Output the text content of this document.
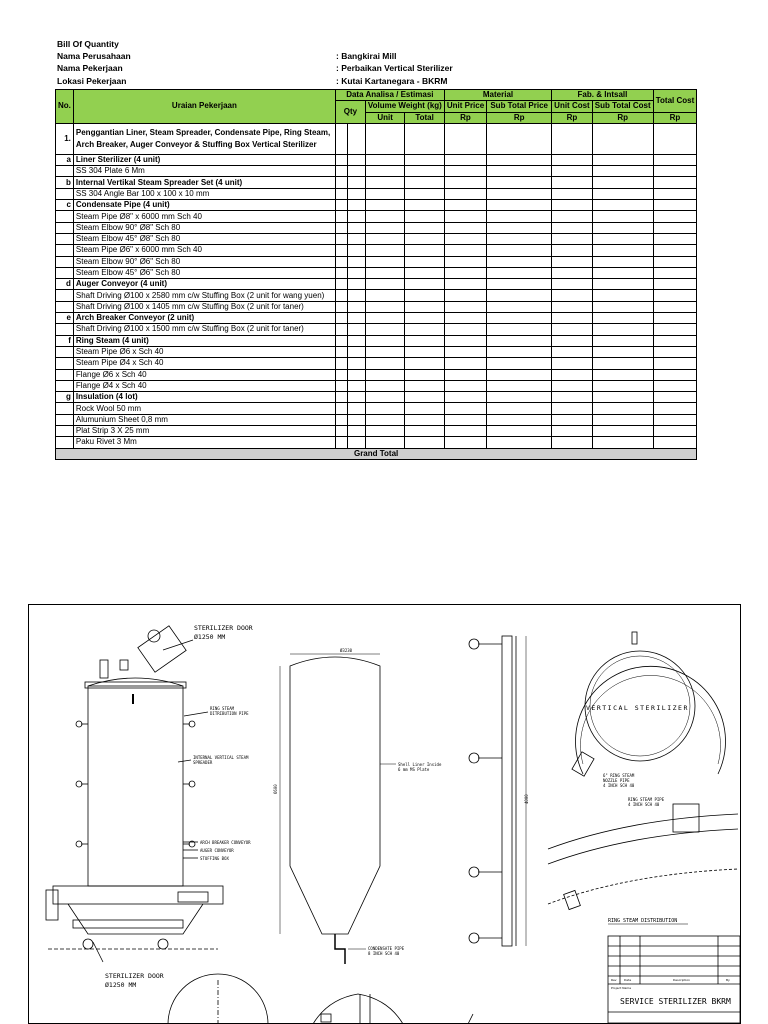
Bill Of Quantity
Nama Perusahaan	: Bangkirai Mill
Nama Pekerjaan	: Perbaikan Vertical Sterilizer
Lokasi Pekerjaan	: Kutai Kartanegara - BKRM
No.	Uraian Pekerjaan	Data Analisa / Estimasi				Material		Fab. & Intsall		Total Cost
		Qty		Volume Weight (kg)		Unit Price	Sub Total Price	Unit Cost	Sub Total Cost	
				Unit	Total	Rp	Rp	Rp	Rp	Rp
1.	Penggantian Liner, Steam Spreader, Condensate Pipe, Ring Steam, Arch Breaker, Auger Conveyor & Stuffing Box Vertical Sterilizer									
a	Liner Sterilizer (4 unit)									
	SS 304 Plate 6 Mm									
b	Internal Vertikal Steam Spreader Set (4 unit)									
	SS 304 Angle Bar 100 x 100 x 10 mm									
c	Condensate Pipe (4 unit)									
	Steam Pipe Ø8" x 6000 mm Sch 40									
	Steam Elbow 90° Ø8" Sch 80									
	Steam Elbow 45° Ø8" Sch 80									
	Steam Pipe Ø6" x 6000 mm Sch 40									
	Steam Elbow 90° Ø6" Sch 80									
	Steam Elbow 45° Ø6" Sch 80									
d	Auger Conveyor (4 unit)									
	Shaft Driving Ø100 x 2580 mm c/w Stuffing Box (2 unit for wang yuen)									
	Shaft Driving Ø100 x 1405 mm c/w Stuffing Box (2 unit for taner)									
e	Arch Breaker Conveyor (2 unit)									
	Shaft Driving Ø100 x 1500 mm c/w Stuffing Box (2 unit for taner)									
f	Ring Steam (4 unit)									
	Steam Pipe Ø6 x Sch 40									
	Steam Pipe Ø4 x Sch 40									
	Flange Ø6 x Sch 40									
	Flange Ø4 x Sch 40									
g	Insulation (4 lot)									
	Rock Wool 50 mm									
	Alumunium Sheet 0,8 mm									
	Plat Strip 3 X 25 mm									
	Paku Rivet 3 Mm									
Grand Total										
STERILIZER DOOR
Ø1250 MM
RING STEAM
DITRIBUTION PIPE
INTERNAL VERTICAL STEAM
SPREADER
ARCH BREAKER CONVEYOR
AUGER CONVEYOR
STUFFING BOX
STERILIZER DOOR
Ø1250 MM
Ø3230
6600
Shell Liner Inside
6 mm MS Plate
CONDENSATE PIPE
8 INCH SCH 40
4000
VERTICAL STERILIZER
6" RING STEAM
NOZZLE PIPE
4 INCH SCH 40
RING STEAM PIPE
4 INCH SCH 40
RING STEAM DISTRIBUTION
Rev Date	Description	By
Project Name
SERVICE STERILIZER BKRM
